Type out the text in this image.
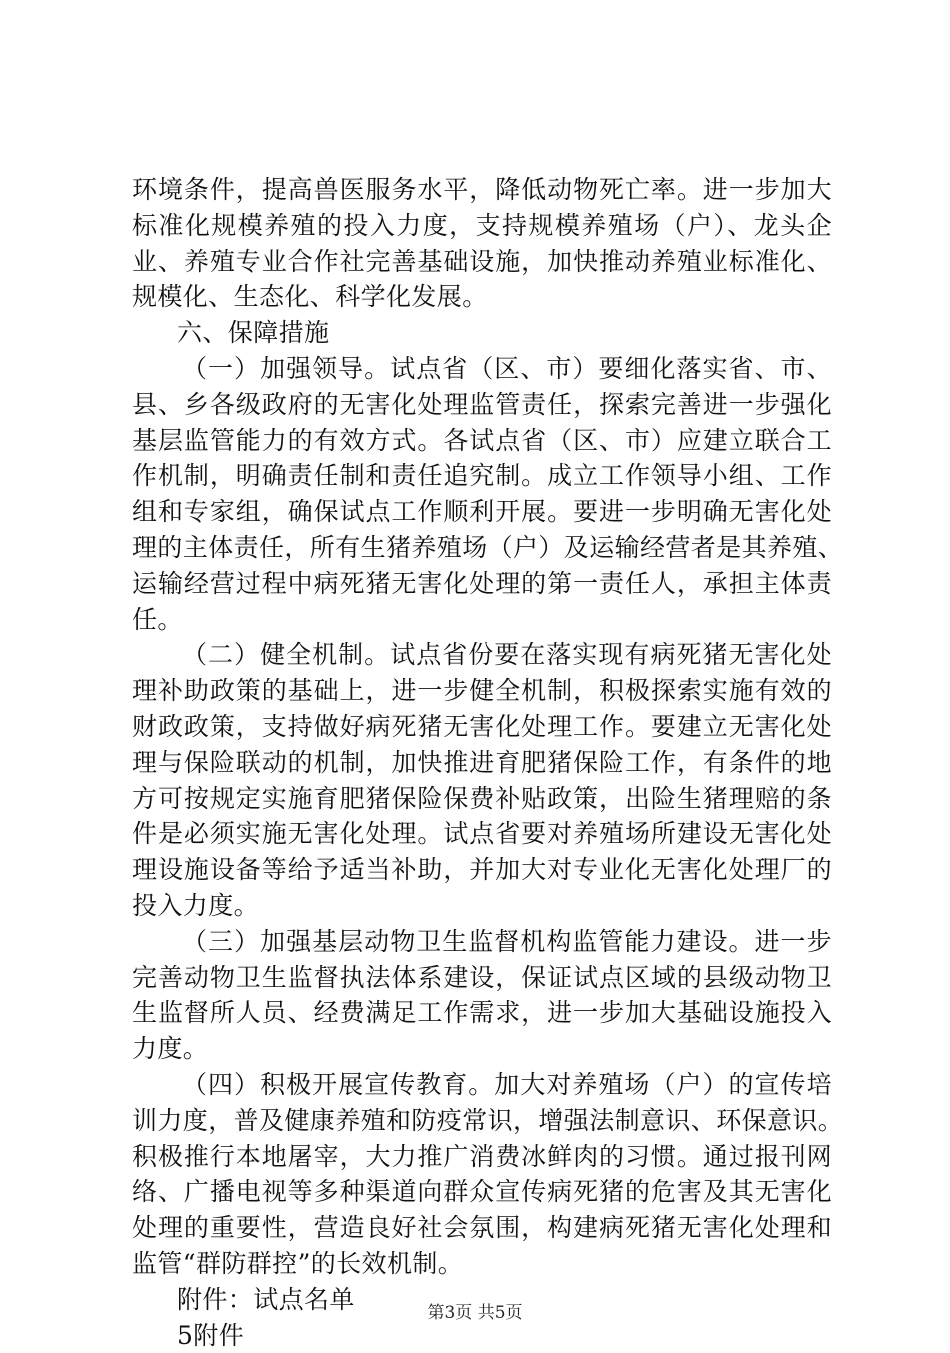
环境条件，提高兽医服务水平，降低动物死亡率。进一步加大
标准化规模养殖的投入力度，支持规模养殖场（户）、龙头企
业、养殖专业合作社完善基础设施，加快推动养殖业标准化、
规模化、生态化、科学化发展。
六、保障措施
（一）加强领导。试点省（区、市）要细化落实省、市、
县、乡各级政府的无害化处理监管责任，探索完善进一步强化
基层监管能力的有效方式。各试点省（区、市）应建立联合工
作机制，明确责任制和责任追究制。成立工作领导小组、工作
组和专家组，确保试点工作顺利开展。要进一步明确无害化处
理的主体责任，所有生猪养殖场（户）及运输经营者是其养殖、
运输经营过程中病死猪无害化处理的第一责任人，承担主体责
任。
（二）健全机制。试点省份要在落实现有病死猪无害化处
理补助政策的基础上，进一步健全机制，积极探索实施有效的
财政政策，支持做好病死猪无害化处理工作。要建立无害化处
理与保险联动的机制，加快推进育肥猪保险工作，有条件的地
方可按规定实施育肥猪保险保费补贴政策，出险生猪理赔的条
件是必须实施无害化处理。试点省要对养殖场所建设无害化处
理设施设备等给予适当补助，并加大对专业化无害化处理厂的
投入力度。
（三）加强基层动物卫生监督机构监管能力建设。进一步
完善动物卫生监督执法体系建设，保证试点区域的县级动物卫
生监督所人员、经费满足工作需求，进一步加大基础设施投入
力度。
（四）积极开展宣传教育。加大对养殖场（户）的宣传培
训力度，普及健康养殖和防疫常识，增强法制意识、环保意识。
积极推行本地屠宰，大力推广消费冰鲜肉的习惯。通过报刊网
络、广播电视等多种渠道向群众宣传病死猪的危害及其无害化
处理的重要性，营造良好社会氛围，构建病死猪无害化处理和
监管“群防群控”的长效机制。
附件：试点名单
5附件
第3页 共5页
